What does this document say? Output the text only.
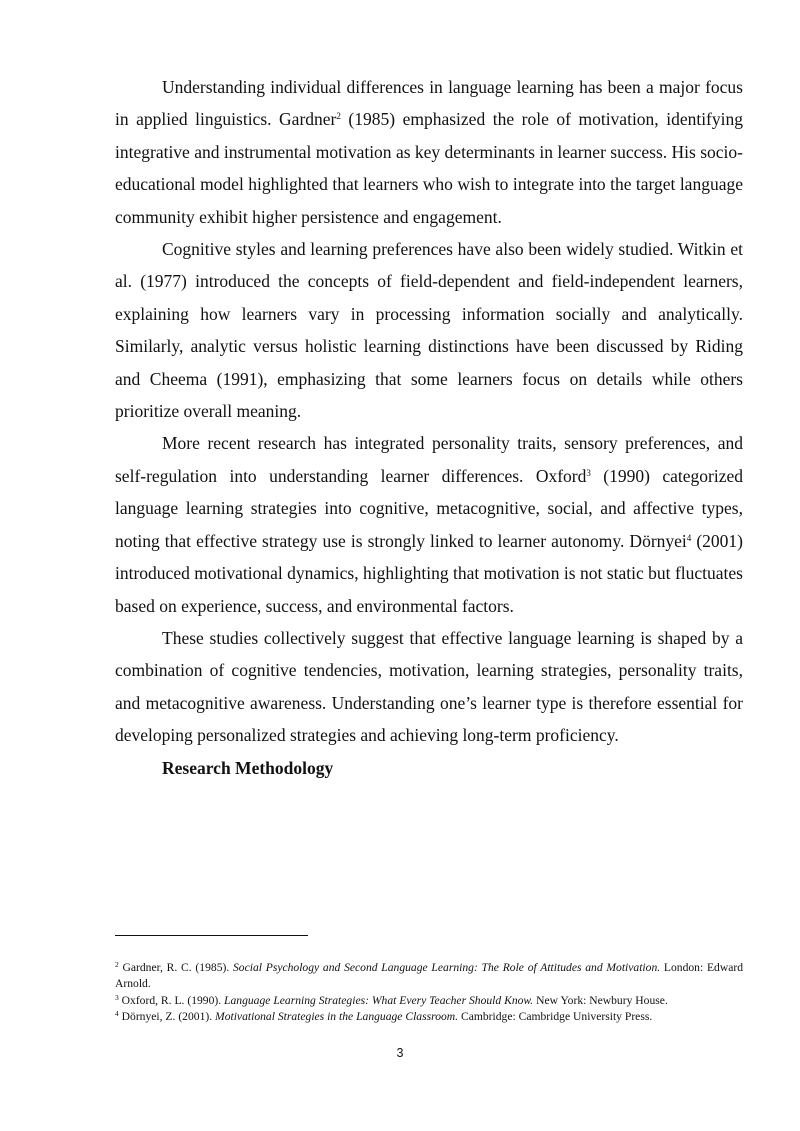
Understanding individual differences in language learning has been a major focus in applied linguistics. Gardner$^2$ (1985) emphasized the role of motivation, identifying integrative and instrumental motivation as key determinants in learner success. His socio-educational model highlighted that learners who wish to integrate into the target language community exhibit higher persistence and engagement.

Cognitive styles and learning preferences have also been widely studied. Witkin et al. (1977) introduced the concepts of field-dependent and field-independent learners, explaining how learners vary in processing information socially and analytically. Similarly, analytic versus holistic learning distinctions have been discussed by Riding and Cheema (1991), emphasizing that some learners focus on details while others prioritize overall meaning.

More recent research has integrated personality traits, sensory preferences, and self-regulation into understanding learner differences. Oxford$^3$ (1990) categorized language learning strategies into cognitive, metacognitive, social, and affective types, noting that effective strategy use is strongly linked to learner autonomy. Dörnyei$^4$ (2001) introduced motivational dynamics, highlighting that motivation is not static but fluctuates based on experience, success, and environmental factors.

These studies collectively suggest that effective language learning is shaped by a combination of cognitive tendencies, motivation, learning strategies, personality traits, and metacognitive awareness. Understanding one’s learner type is therefore essential for developing personalized strategies and achieving long-term proficiency.

Research Methodology

$^2$ Gardner, R. C. (1985). Social Psychology and Second Language Learning: The Role of Attitudes and Motivation. London: Edward Arnold.

$^3$ Oxford, R. L. (1990). Language Learning Strategies: What Every Teacher Should Know. New York: Newbury House.

$^4$ Dörnyei, Z. (2001). Motivational Strategies in the Language Classroom. Cambridge: Cambridge University Press.

3
